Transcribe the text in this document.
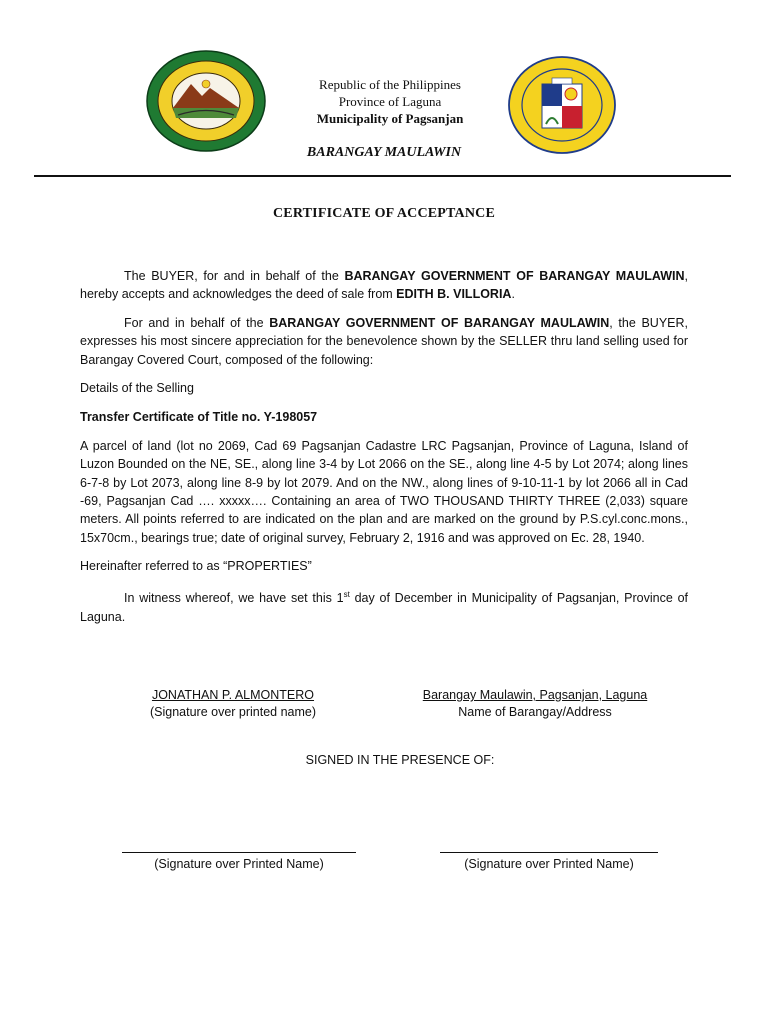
Republic of the Philippines
Province of Laguna
Municipality of Pagsanjan
BARANGAY MAULAWIN
CERTIFICATE OF ACCEPTANCE

The BUYER, for and in behalf of the BARANGAY GOVERNMENT OF BARANGAY MAULAWIN, hereby accepts and acknowledges the deed of sale from EDITH B. VILLORIA.

For and in behalf of the BARANGAY GOVERNMENT OF BARANGAY MAULAWIN, the BUYER, expresses his most sincere appreciation for the benevolence shown by the SELLER thru land selling used for Barangay Covered Court, composed of the following:

Details of the Selling

Transfer Certificate of Title no. Y-198057

A parcel of land (lot no 2069, Cad 69 Pagsanjan Cadastre LRC Pagsanjan, Province of Laguna, Island of Luzon Bounded on the NE, SE., along line 3-4 by Lot 2066 on the SE., along line 4-5 by Lot 2074; along lines 6-7-8 by Lot 2073, along line 8-9 by lot 2079. And on the NW., along lines of 9-10-11-1 by lot 2066 all in Cad -69, Pagsanjan Cad …. xxxxx…. Containing an area of TWO THOUSAND THIRTY THREE (2,033) square meters. All points referred to are indicated on the plan and are marked on the ground by P.S.cyl.conc.mons., 15x70cm., bearings true; date of original survey, February 2, 1916 and was approved on Ec. 28, 1940.

Hereinafter referred to as “PROPERTIES”

In witness whereof, we have set this 1st day of December in Municipality of Pagsanjan, Province of Laguna.

JONATHAN P. ALMONTERO
(Signature over printed name)
Barangay Maulawin, Pagsanjan, Laguna
Name of Barangay/Address
SIGNED IN THE PRESENCE OF:
(Signature over Printed Name)	(Signature over Printed Name)
